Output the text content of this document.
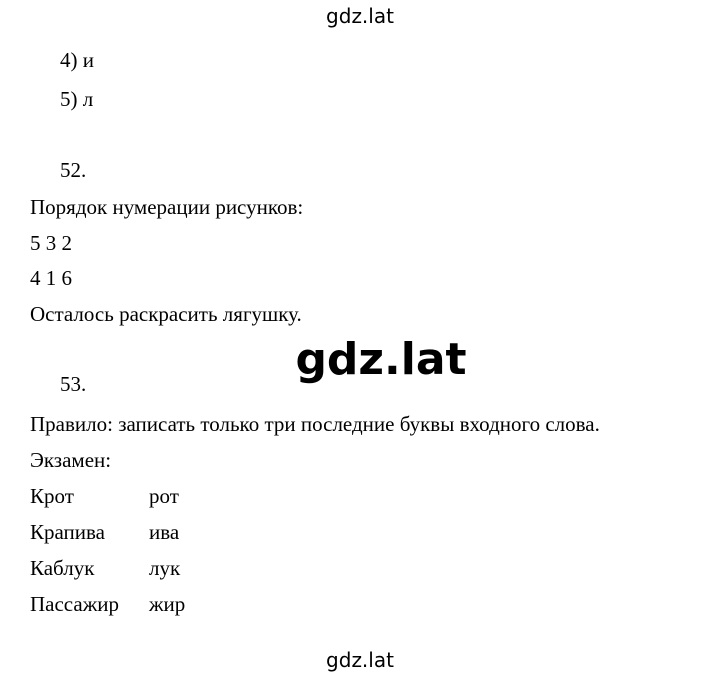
gdz.lat
4) и
5) л
52.
Порядок нумерации рисунков:
5 3 2
4 1 6
Осталось раскрасить лягушку.
gdz.lat
53.
Правило: записать только три последние буквы входного слова.
Экзамен:
Крот	рот
Крапива ива
Каблук	лук
Пассажир жир
gdz.lat
